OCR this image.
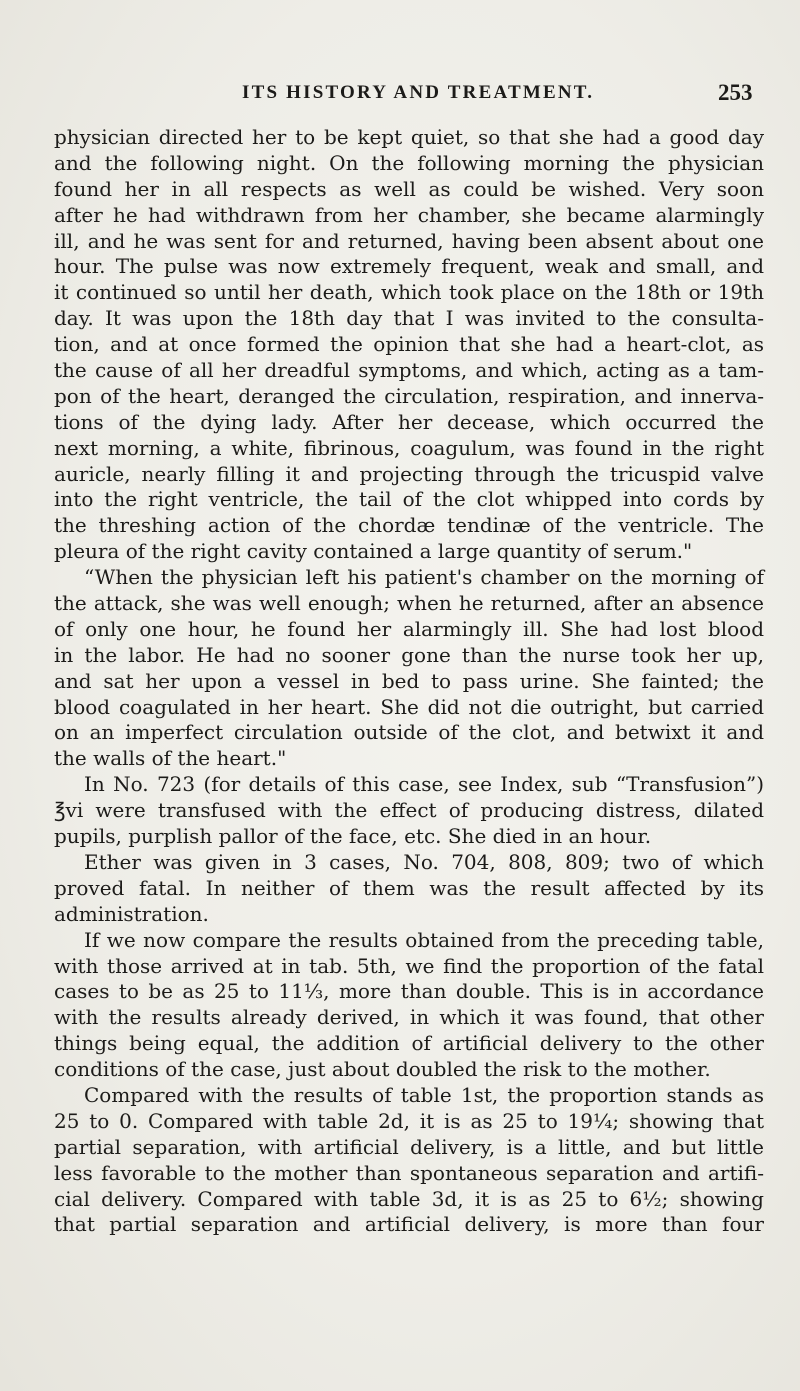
ITS HISTORY AND TREATMENT.	253
physician directed her to be kept quiet, so that she had a good day
and the following night. On the following morning the physician
found her in all respects as well as could be wished. Very soon
after he had withdrawn from her chamber, she became alarmingly
ill, and he was sent for and returned, having been absent about one
hour. The pulse was now extremely frequent, weak and small, and
it continued so until her death, which took place on the 18th or 19th
day. It was upon the 18th day that I was invited to the consulta-
tion, and at once formed the opinion that she had a heart-clot, as
the cause of all her dreadful symptoms, and which, acting as a tam-
pon of the heart, deranged the circulation, respiration, and innerva-
tions of the dying lady. After her decease, which occurred the
next morning, a white, fibrinous, coagulum, was found in the right
auricle, nearly filling it and projecting through the tricuspid valve
into the right ventricle, the tail of the clot whipped into cords by
the threshing action of the chordæ tendinæ of the ventricle. The
pleura of the right cavity contained a large quantity of serum."
“When the physician left his patient's chamber on the morning of
the attack, she was well enough; when he returned, after an absence
of only one hour, he found her alarmingly ill. She had lost blood
in the labor. He had no sooner gone than the nurse took her up,
and sat her upon a vessel in bed to pass urine. She fainted; the
blood coagulated in her heart. She did not die outright, but carried
on an imperfect circulation outside of the clot, and betwixt it and
the walls of the heart."
In No. 723 (for details of this case, see Index, sub “Transfusion”)
℥vi were transfused with the effect of producing distress, dilated
pupils, purplish pallor of the face, etc. She died in an hour.
Ether was given in 3 cases, No. 704, 808, 809; two of which
proved fatal. In neither of them was the result affected by its
administration.
If we now compare the results obtained from the preceding table,
with those arrived at in tab. 5th, we find the proportion of the fatal
cases to be as 25 to 11⅓, more than double. This is in accordance
with the results already derived, in which it was found, that other
things being equal, the addition of artificial delivery to the other
conditions of the case, just about doubled the risk to the mother.
Compared with the results of table 1st, the proportion stands as
25 to 0. Compared with table 2d, it is as 25 to 19¼; showing that
partial separation, with artificial delivery, is a little, and but little
less favorable to the mother than spontaneous separation and artifi-
cial delivery. Compared with table 3d, it is as 25 to 6½; showing
that partial separation and artificial delivery, is more than four
